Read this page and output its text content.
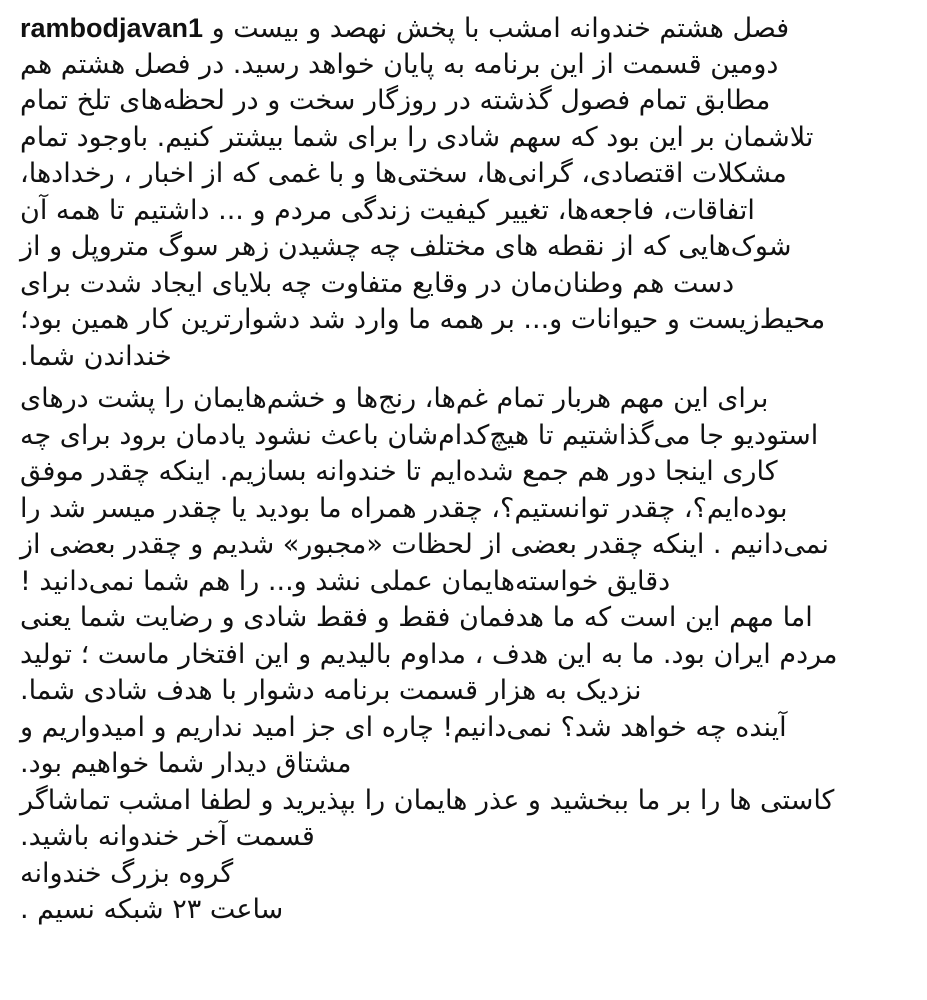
فصل هشتم خندوانه امشب با پخش نهصد و بیست و rambodjavan1
دومین قسمت از این برنامه به پایان خواهد رسید. در فصل هشتم هم
مطابق تمام فصول گذشته در روزگار سخت و در لحظه‌های تلخ تمام
تلاشمان بر این بود که سهم شادی را برای شما بیشتر کنیم. باوجود تمام
مشکلات اقتصادی، گرانی‌ها، سختی‌ها و با غمی که از اخبار ، رخدادها،
اتفاقات، فاجعه‌ها، تغییر کیفیت زندگی مردم و ... داشتیم تا همه آن
شوک‌هایی که از نقطه های مختلف چه چشیدن زهر سوگ متروپل و از
دست هم وطنان‌مان در وقایع متفاوت چه بلایای ایجاد شدت برای
محیط‌زیست و حیوانات و... بر همه ما وارد شد دشوارترین کار همین بود؛
خنداندن شما.
برای این مهم هربار تمام غم‌ها، رنج‌ها و خشم‌هایمان را پشت درهای
استودیو جا می‌گذاشتیم تا هیچ‌کدام‌شان باعث نشود یادمان برود برای چه
کاری اینجا دور هم جمع شده‌ایم تا خندوانه بسازیم. اینکه چقدر موفق
بوده‌ایم؟، چقدر توانستیم؟، چقدر همراه ما بودید یا چقدر میسر شد را
نمی‌دانیم . اینکه چقدر بعضی از لحظات «مجبور» شدیم و چقدر بعضی از
دقایق خواسته‌هایمان عملی نشد و... را هم شما نمی‌دانید !
اما مهم این است که ما هدفمان فقط و فقط شادی و رضایت شما یعنی
مردم ایران بود. ما به این هدف ، مداوم بالیدیم و این افتخار ماست ؛ تولید
نزدیک به هزار قسمت برنامه دشوار با هدف شادی شما.
آینده چه خواهد شد؟ نمی‌دانیم! چاره ای جز امید نداریم و امیدواریم و
مشتاق دیدار شما خواهیم بود.
کاستی ها را بر ما ببخشید و عذر هایمان را بپذیرید و لطفا امشب تماشاگر
قسمت آخر خندوانه باشید.
گروه بزرگ خندوانه
ساعت ۲۳ شبکه نسیم .
